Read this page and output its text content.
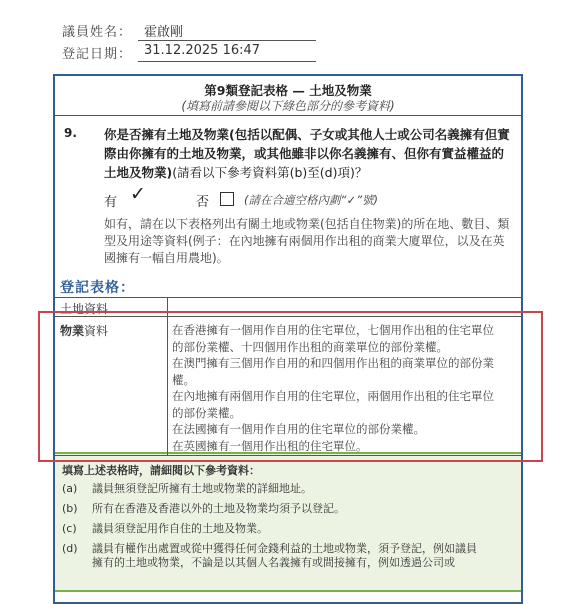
議員姓名： 霍啟剛
登記日期： 31.12.2025 16:47
第9類登記表格 — 土地及物業
(填寫前請參閱以下綠色部分的參考資料)
9. 你是否擁有土地及物業(包括以配偶、子女或其他人士或公司名義擁有但實際由你擁有的土地及物業，或其他雖非以你名義擁有、但你有實益權益的土地及物業)(請看以下參考資料第(b)至(d)項)？
有 ✓	否	(請在合適空格內劃“✓”號)
如有，請在以下表格列出有關土地或物業(包括自住物業)的所在地、數目、類型及用途等資料(例子：在內地擁有兩個用作出租的商業大廈單位，以及在英國擁有一幅自用農地)。
登記表格：
土地資料
物業資料	在香港擁有一個用作自用的住宅單位，七個用作出租的住宅單位
的部份業權、十四個用作出租的商業單位的部份業權。
在澳門擁有三個用作自用的和四個用作出租的商業單位的部份業
權。
在內地擁有兩個用作自用的住宅單位，兩個用作出租的住宅單位
的部份業權。
在法國擁有一個用作自用的住宅單位的部份業權。
在英國擁有一個用作出租的住宅單位。
填寫上述表格時，請細閱以下參考資料：
(a) 議員無須登記所擁有土地或物業的詳細地址。
(b) 所有在香港及香港以外的土地及物業均須予以登記。
(c) 議員須登記用作自住的土地及物業。
(d) 議員有權作出處置或從中獲得任何金錢利益的土地或物業，須予登記，例如議員
擁有的土地或物業，不論是以其個人名義擁有或間接擁有，例如透過公司或
